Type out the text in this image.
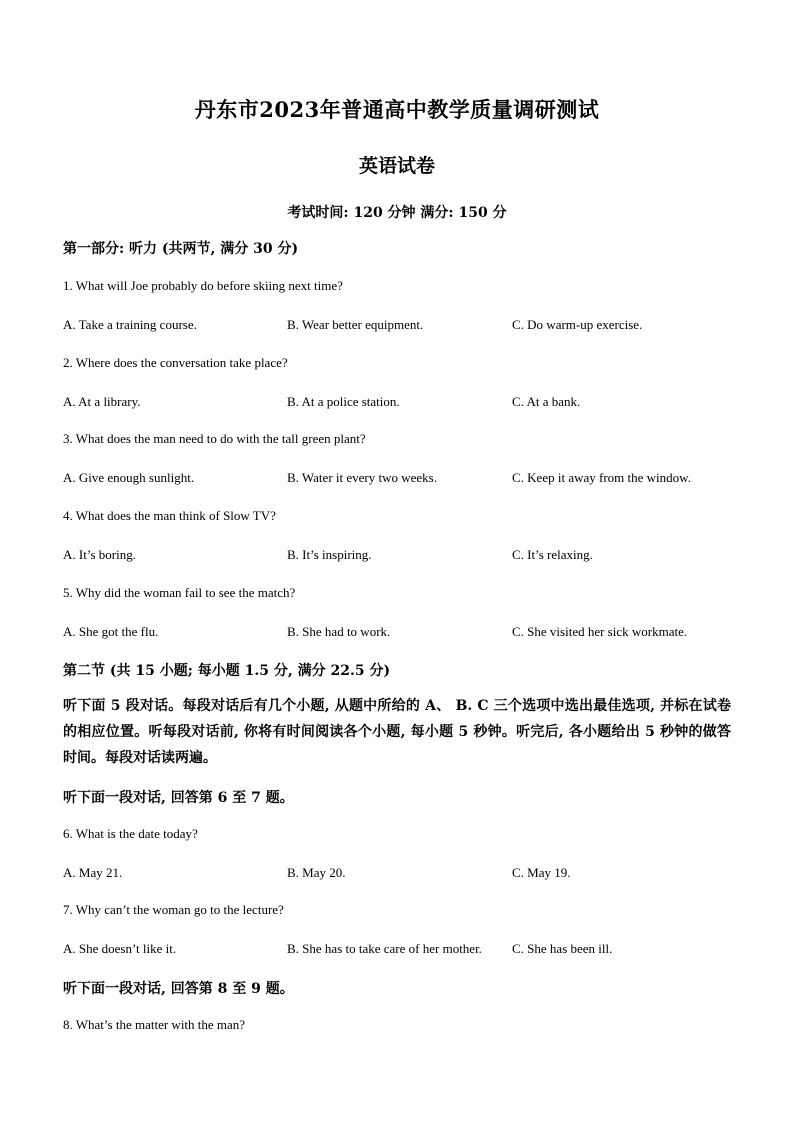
丹东市2023年普通高中教学质量调研测试
英语试卷
考试时间: 120 分钟 满分: 150 分
第一部分: 听力 (共两节, 满分 30 分)
1. What will Joe probably do before skiing next time?
A. Take a training course.	B. Wear better equipment.	C. Do warm-up exercise.
2. Where does the conversation take place?
A. At a library.	B. At a police station.	C. At a bank.
3. What does the man need to do with the tall green plant?
A. Give enough sunlight.	B. Water it every two weeks.	C. Keep it away from the window.
4. What does the man think of Slow TV?
A. It’s boring.	B. It’s inspiring.	C. It’s relaxing.
5. Why did the woman fail to see the match?
A. She got the flu.	B. She had to work.	C. She visited her sick workmate.
第二节 (共 15 小题; 每小题 1.5 分, 满分 22.5 分)
听下面 5 段对话。每段对话后有几个小题, 从题中所给的 A、 B. C 三个选项中选出最佳选项, 并标在试卷的相应位置。听每段对话前, 你将有时间阅读各个小题, 每小题 5 秒钟。听完后, 各小题给出 5 秒钟的做答时间。每段对话读两遍。
听下面一段对话, 回答第 6 至 7 题。
6. What is the date today?
A. May 21.	B. May 20.	C. May 19.
7. Why can’t the woman go to the lecture?
A. She doesn’t like it.	B. She has to take care of her mother. C. She has been ill.
听下面一段对话, 回答第 8 至 9 题。
8. What’s the matter with the man?
